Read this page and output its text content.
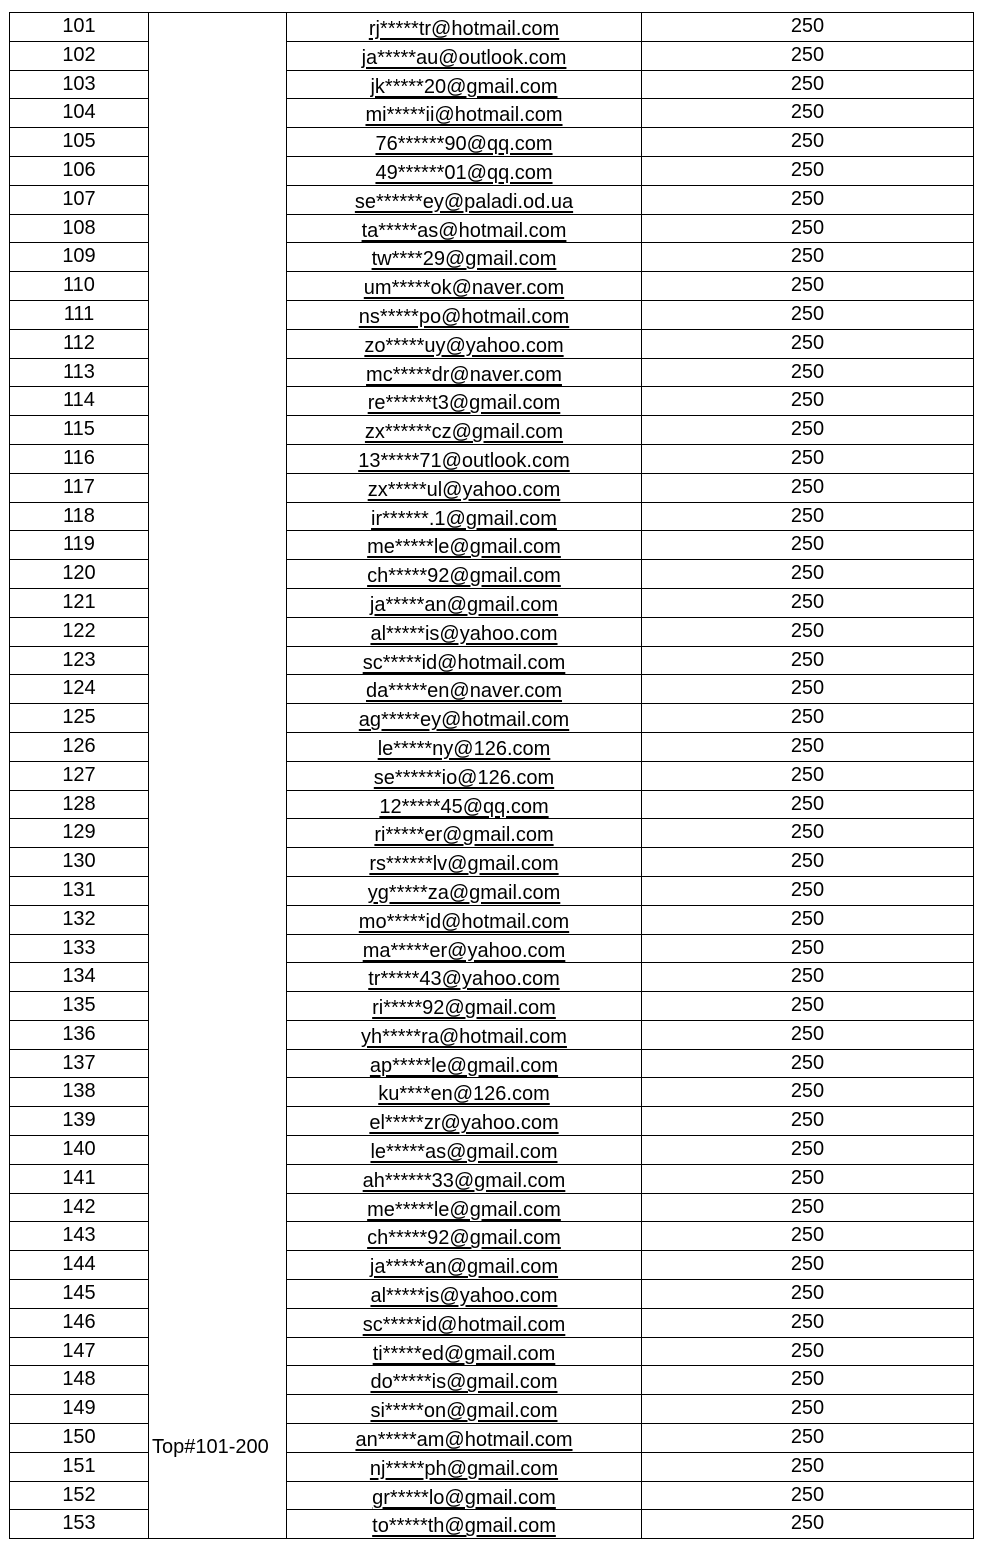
101		rj*****tr@hotmail.com	250
102		ja*****au@outlook.com	250
103		jk*****20@gmail.com	250
104		mi*****ii@hotmail.com	250
105		76******90@qq.com	250
106		49******01@qq.com	250
107		se******ey@paladi.od.ua	250
108		ta*****as@hotmail.com	250
109		tw****29@gmail.com	250
110		um*****ok@naver.com	250
111		ns*****po@hotmail.com	250
112		zo*****uy@yahoo.com	250
113		mc*****dr@naver.com	250
114		re******t3@gmail.com	250
115		zx******cz@gmail.com	250
116		13*****71@outlook.com	250
117		zx*****ul@yahoo.com	250
118		ir******.1@gmail.com	250
119		me*****le@gmail.com	250
120		ch*****92@gmail.com	250
121		ja*****an@gmail.com	250
122		al*****is@yahoo.com	250
123		sc*****id@hotmail.com	250
124		da*****en@naver.com	250
125		ag*****ey@hotmail.com	250
126		le*****ny@126.com	250
127		se******io@126.com	250
128		12*****45@qq.com	250
129		ri*****er@gmail.com	250
130		rs******lv@gmail.com	250
131		yg*****za@gmail.com	250
132		mo*****id@hotmail.com	250
133		ma*****er@yahoo.com	250
134		tr*****43@yahoo.com	250
135		ri*****92@gmail.com	250
136		yh*****ra@hotmail.com	250
137		ap*****le@gmail.com	250
138		ku****en@126.com	250
139		el*****zr@yahoo.com	250
140		le*****as@gmail.com	250
141		ah******33@gmail.com	250
142		me*****le@gmail.com	250
143		ch*****92@gmail.com	250
144		ja*****an@gmail.com	250
145		al*****is@yahoo.com	250
146		sc*****id@hotmail.com	250
147		ti*****ed@gmail.com	250
148		do*****is@gmail.com	250
149		si*****on@gmail.com	250
150		an*****am@hotmail.com	250
151		nj*****ph@gmail.com	250
152		gr*****lo@gmail.com	250
153		to*****th@gmail.com	250
Top#101-200
